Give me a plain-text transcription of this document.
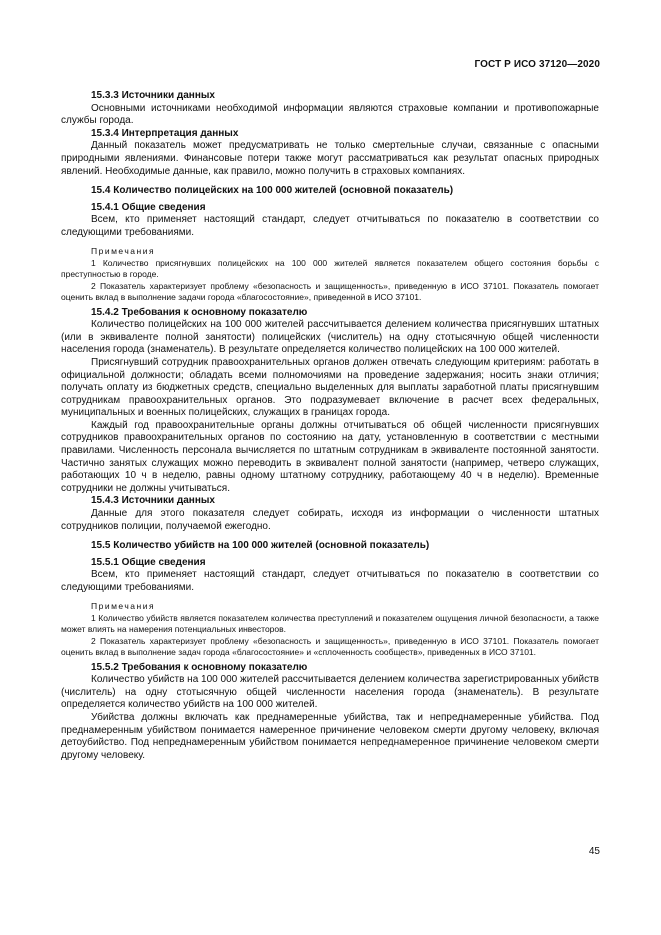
ГОСТ Р ИСО 37120—2020
15.3.3 Источники данных
Основными источниками необходимой информации являются страховые компании и противопожарные службы города.
15.3.4 Интерпретация данных
Данный показатель может предусматривать не только смертельные случаи, связанные с опасными природными явлениями. Финансовые потери также могут рассматриваться как результат опасных природных явлений. Необходимые данные, как правило, можно получить в страховых компаниях.
15.4 Количество полицейских на 100 000 жителей (основной показатель)
15.4.1 Общие сведения
Всем, кто применяет настоящий стандарт, следует отчитываться по показателю в соответствии со следующими требованиями.
Примечания
1 Количество присягнувших полицейских на 100 000 жителей является показателем общего состояния борьбы с преступностью в городе.
2 Показатель характеризует проблему «безопасность и защищенность», приведенную в ИСО 37101. Показатель помогает оценить вклад в выполнение задачи города «благосостояние», приведенной в ИСО 37101.
15.4.2 Требования к основному показателю
Количество полицейских на 100 000 жителей рассчитывается делением количества присягнувших штатных (или в эквиваленте полной занятости) полицейских (числитель) на одну стотысячную общей численности населения города (знаменатель). В результате определяется количество полицейских на 100 000 жителей.
Присягнувший сотрудник правоохранительных органов должен отвечать следующим критериям: работать в официальной должности; обладать всеми полномочиями на проведение задержания; носить знаки отличия; получать оплату из бюджетных средств, специально выделенных для выплаты заработной платы присягнувшим сотрудникам правоохранительных органов. Это подразумевает включение в расчет всех федеральных, муниципальных и военных полицейских, служащих в границах города.
Каждый год правоохранительные органы должны отчитываться об общей численности присягнувших сотрудников правоохранительных органов по состоянию на дату, установленную в соответствии с местными правилами. Численность персонала вычисляется по штатным сотрудникам в эквиваленте постоянной занятости. Частично занятых служащих можно переводить в эквивалент полной занятости (например, четверо служащих, работающих 10 ч в неделю, равны одному штатному сотруднику, работающему 40 ч в неделю). Временные сотрудники не должны учитываться.
15.4.3 Источники данных
Данные для этого показателя следует собирать, исходя из информации о численности штатных сотрудников полиции, получаемой ежегодно.
15.5 Количество убийств на 100 000 жителей (основной показатель)
15.5.1 Общие сведения
Всем, кто применяет настоящий стандарт, следует отчитываться по показателю в соответствии со следующими требованиями.
Примечания
1 Количество убийств является показателем количества преступлений и показателем ощущения личной безопасности, а также может влиять на намерения потенциальных инвесторов.
2 Показатель характеризует проблему «безопасность и защищенность», приведенную в ИСО 37101. Показатель помогает оценить вклад в выполнение задач города «благосостояние» и «сплоченность сообществ», приведенных в ИСО 37101.
15.5.2 Требования к основному показателю
Количество убийств на 100 000 жителей рассчитывается делением количества зарегистрированных убийств (числитель) на одну стотысячную общей численности населения города (знаменатель). В результате определяется количество убийств на 100 000 жителей.
Убийства должны включать как преднамеренные убийства, так и непреднамеренные убийства. Под преднамеренным убийством понимается намеренное причинение человеком смерти другому человеку, включая детоубийство. Под непреднамеренным убийством понимается непреднамеренное причинение человеком смерти другому человеку.
45
